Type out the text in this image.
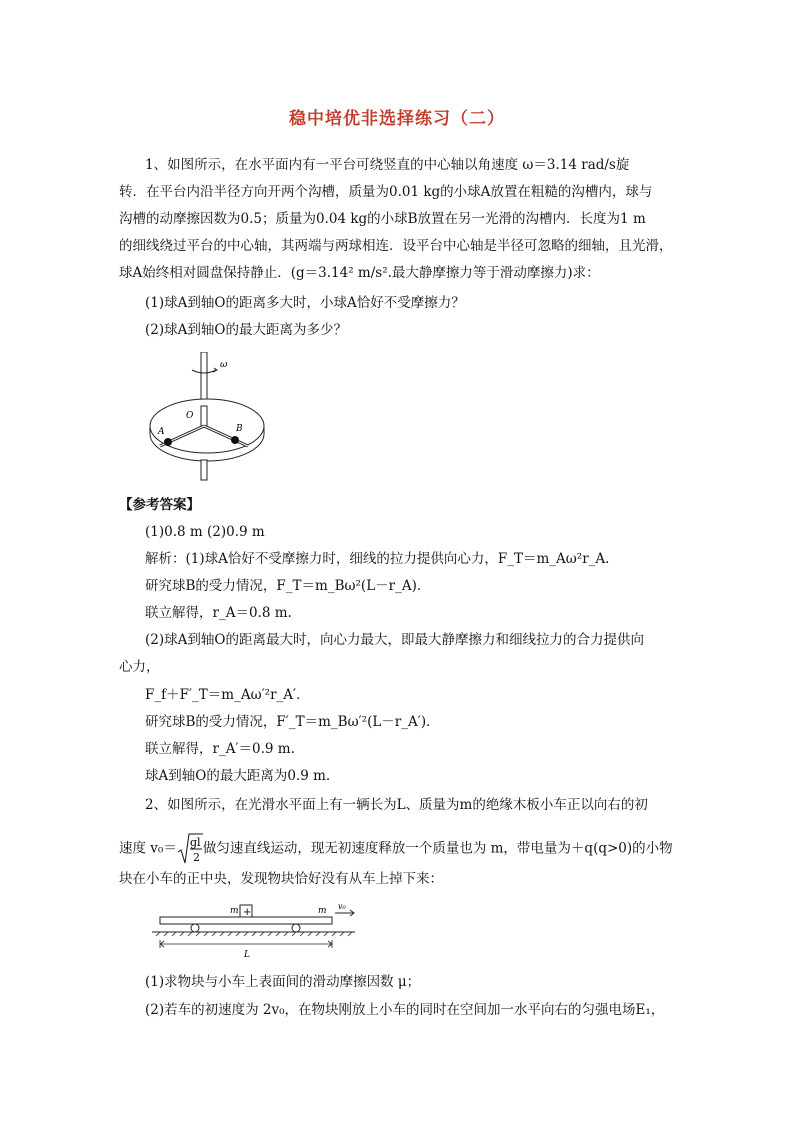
稳中培优非选择练习（二）
1、如图所示，在水平面内有一平台可绕竖直的中心轴以角速度 ω＝3.14 rad/s旋
转．在平台内沿半径方向开两个沟槽，质量为0.01 kg的小球A放置在粗糙的沟槽内，球与
沟槽的动摩擦因数为0.5；质量为0.04 kg的小球B放置在另一光滑的沟槽内．长度为1 m
的细线绕过平台的中心轴，其两端与两球相连．设平台中心轴是半径可忽略的细轴，且光滑，
球A始终相对圆盘保持静止．(g＝3.14² m/s².最大静摩擦力等于滑动摩擦力)求：
(1)球A到轴O的距离多大时，小球A恰好不受摩擦力？
(2)球A到轴O的最大距离为多少？
ω
O
A	B
【参考答案】
(1)0.8 m (2)0.9 m
解析：(1)球A恰好不受摩擦力时，细线的拉力提供向心力，F_T＝m_Aω²r_A.
研究球B的受力情况，F_T＝m_Bω²(L－r_A)．
联立解得，r_A＝0.8 m.
(2)球A到轴O的距离最大时，向心力最大，即最大静摩擦力和细线拉力的合力提供向
心力，
F_f＋F′_T＝m_Aω′²r_A′．
研究球B的受力情况，F′_T＝m_Bω′²(L－r_A′)．
联立解得，r_A′＝0.9 m.
球A到轴O的最大距离为0.9 m.
2、如图所示，在光滑水平面上有一辆长为L、质量为m的绝缘木板小车正以向右的初
速度 v₀＝ gl
2
做匀速直线运动，现无初速度释放一个质量也为 m，带电量为＋q(q>0)的小物
块在小车的正中央，发现物块恰好没有从车上掉下来：
+
m	m v₀
L
(1)求物块与小车上表面间的滑动摩擦因数 μ；
(2)若车的初速度为 2v₀，在物块刚放上小车的同时在空间加一水平向右的匀强电场E₁，
